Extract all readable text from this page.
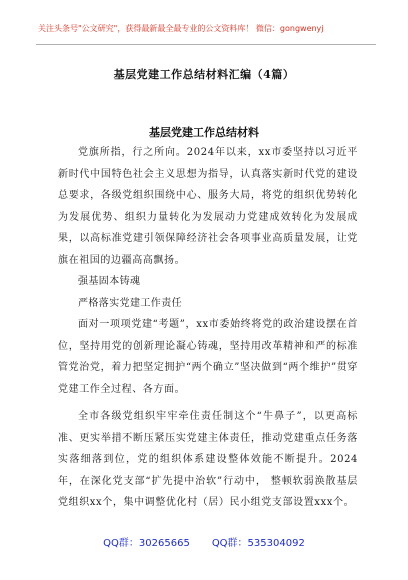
关注头条号"公文研究"，获得最新最全最专业的公文资料库！ 微信：gongwenyj
基层党建工作总结材料汇编（4篇）
基层党建工作总结材料

党旗所指，行之所向。2024年以来，xx市委坚持以习近平新时代中国特色社会主义思想为指导，认真落实新时代党的建设总要求，各级党组织围绕中心、服务大局，将党的组织优势转化为发展优势、组织力量转化为发展动力党建成效转化为发展成果，以高标准党建引领保障经济社会各项事业高质量发展，让党旗在祖国的边疆高高飘扬。

强基固本铸魂

严格落实党建工作责任

面对一项项党建“考题”，xx市委始终将党的政治建设摆在首位，坚持用党的创新理论凝心铸魂，坚持用改革精神和严的标准管党治党，着力把坚定拥护“两个确立”坚决做到“两个维护”贯穿党建工作全过程、各方面。

全市各级党组织牢牢牵住责任制这个“牛鼻子”，以更高标准、更实举措不断压紧压实党建主体责任，推动党建重点任务落实落细落到位，党的组织体系建设整体效能不断提升。2024年，在深化党支部“扩先提中治软”行动中， 整顿软弱涣散基层党组织xx个，集中调整优化村（居）民小组党支部设置xxx个。

QQ群：30265665 QQ群：535304092
